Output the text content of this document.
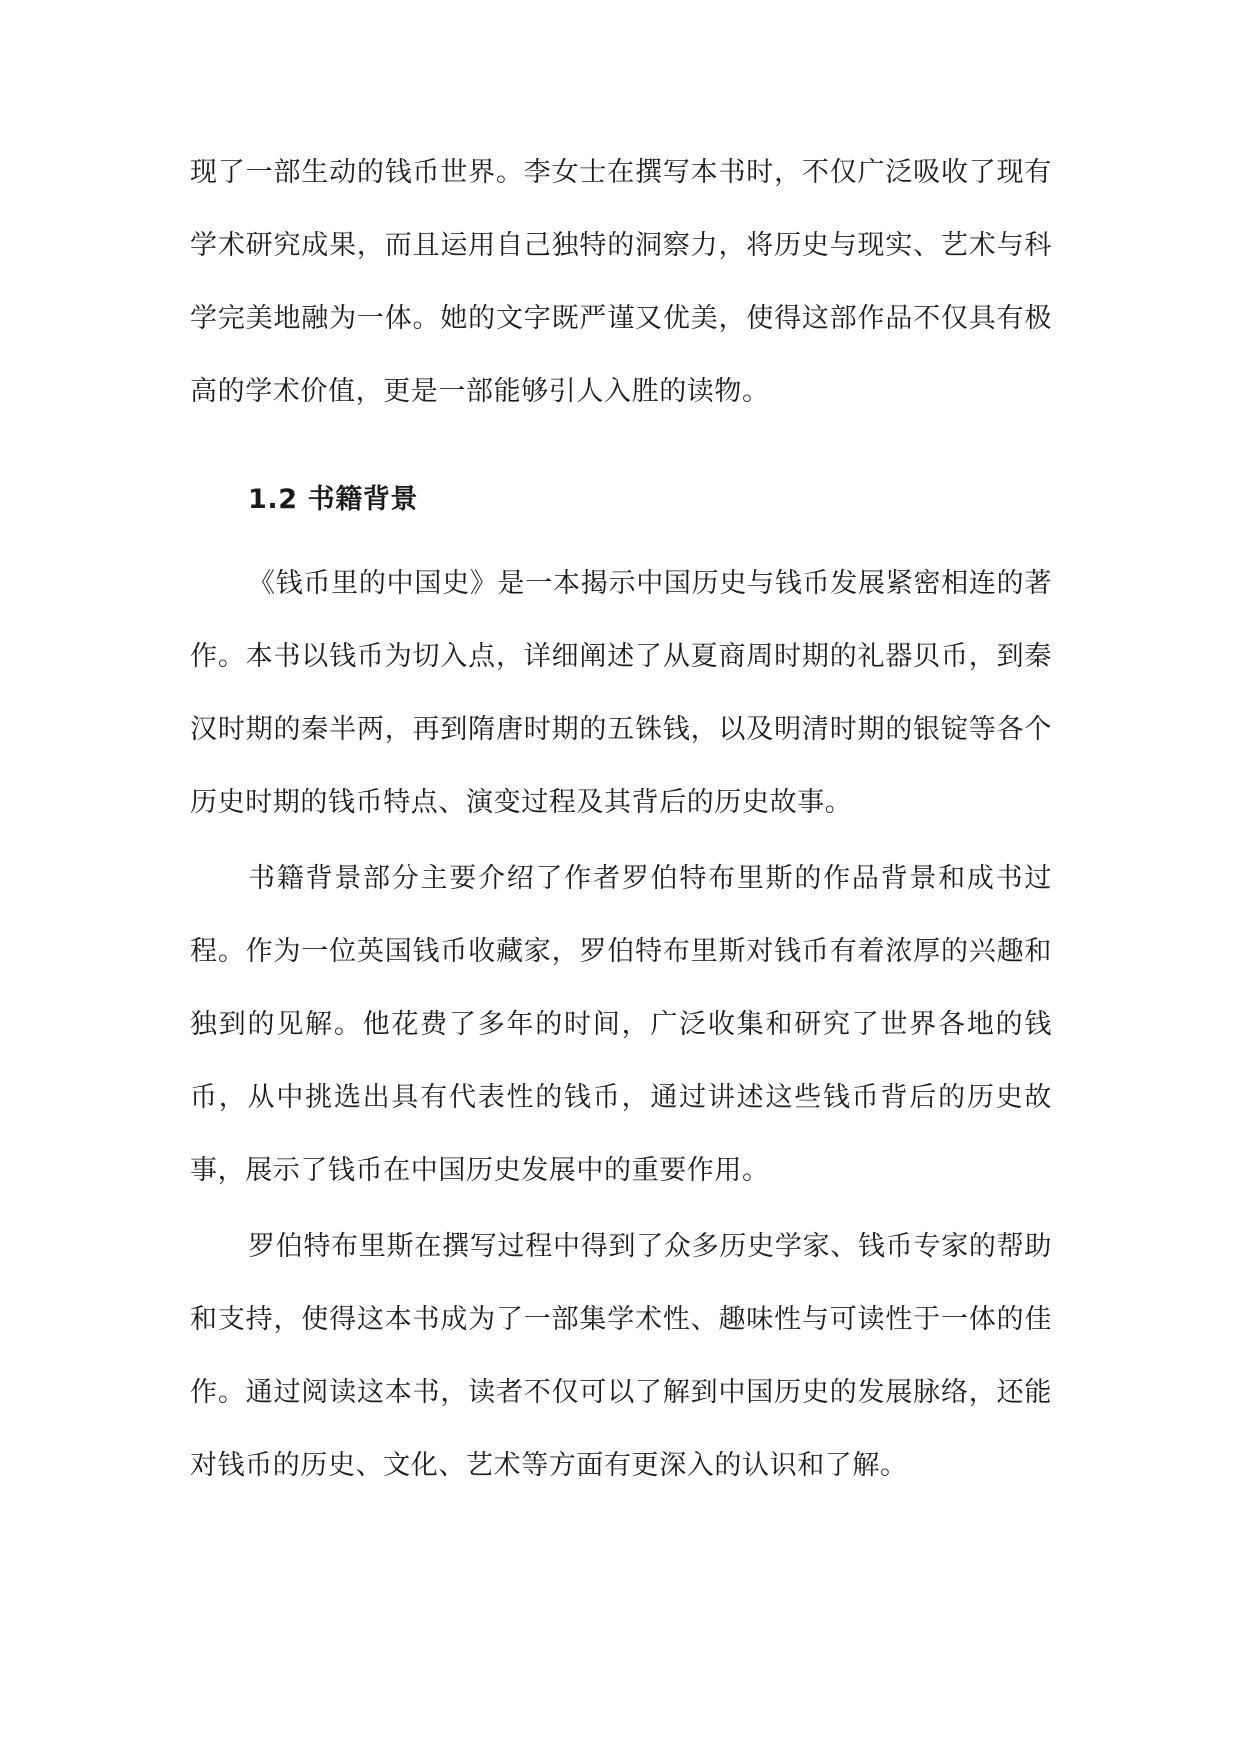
现了一部生动的钱币世界。李女士在撰写本书时，不仅广泛吸收了现有学术研究成果，而且运用自己独特的洞察力，将历史与现实、艺术与科学完美地融为一体。她的文字既严谨又优美，使得这部作品不仅具有极高的学术价值，更是一部能够引人入胜的读物。

1.2 书籍背景

《钱币里的中国史》是一本揭示中国历史与钱币发展紧密相连的著作。本书以钱币为切入点，详细阐述了从夏商周时期的礼器贝币，到秦汉时期的秦半两，再到隋唐时期的五铢钱，以及明清时期的银锭等各个历史时期的钱币特点、演变过程及其背后的历史故事。

书籍背景部分主要介绍了作者罗伯特布里斯的作品背景和成书过程。作为一位英国钱币收藏家，罗伯特布里斯对钱币有着浓厚的兴趣和独到的见解。他花费了多年的时间，广泛收集和研究了世界各地的钱币，从中挑选出具有代表性的钱币，通过讲述这些钱币背后的历史故事，展示了钱币在中国历史发展中的重要作用。

罗伯特布里斯在撰写过程中得到了众多历史学家、钱币专家的帮助和支持，使得这本书成为了一部集学术性、趣味性与可读性于一体的佳作。通过阅读这本书，读者不仅可以了解到中国历史的发展脉络，还能对钱币的历史、文化、艺术等方面有更深入的认识和了解。
